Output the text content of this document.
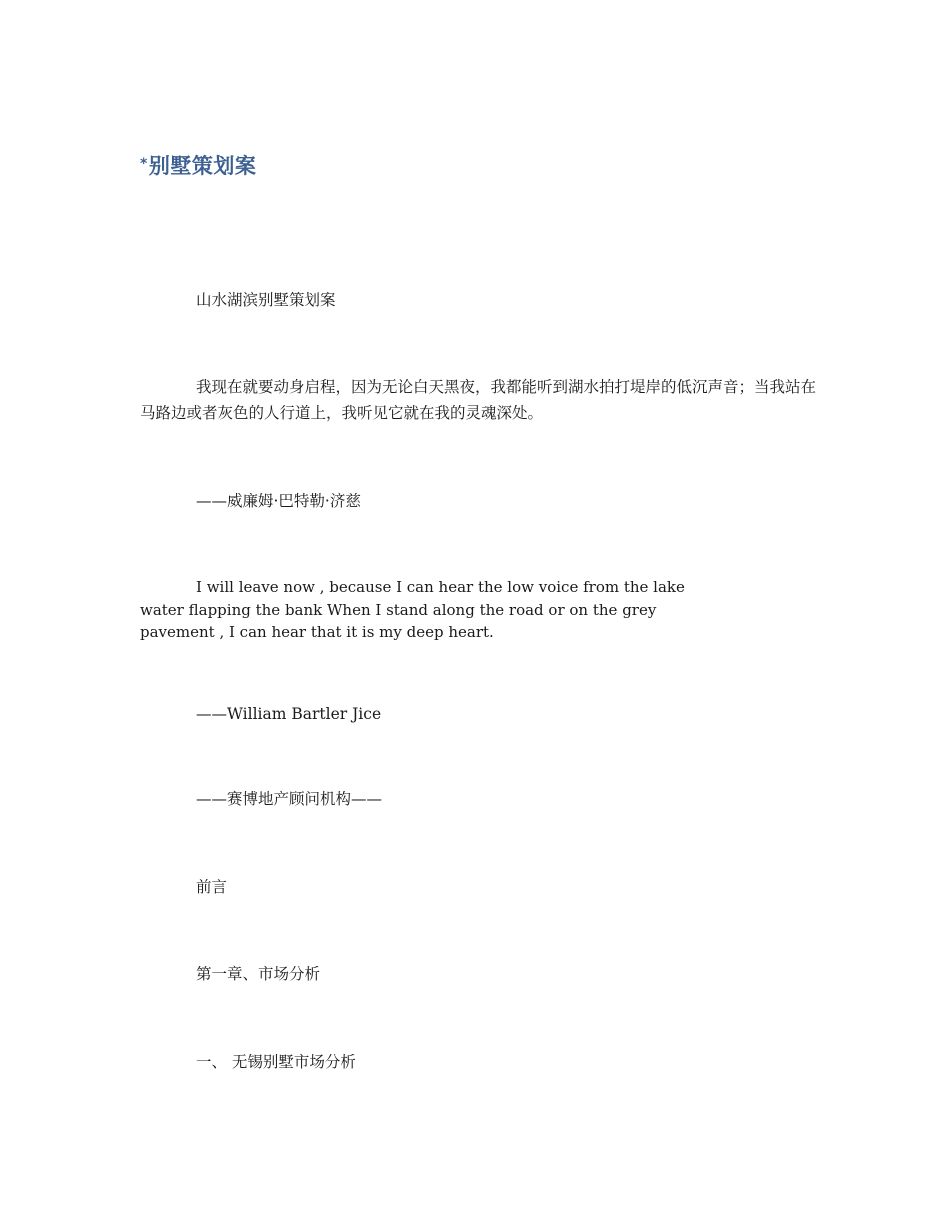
*别墅策划案

山水湖滨别墅策划案

我现在就要动身启程，因为无论白天黑夜，我都能听到湖水拍打堤岸的低沉声音；当我站在马路边或者灰色的人行道上，我听见它就在我的灵魂深处。

——威廉姆·巴特勒·济慈

I will leave now , because I can hear the low voice from the lake water flapping the bank When I stand along the road or on the grey pavement , I can hear that it is my deep heart.

——William Bartler Jice

——赛博地产顾问机构——

前言

第一章、市场分析

一、 无锡别墅市场分析
